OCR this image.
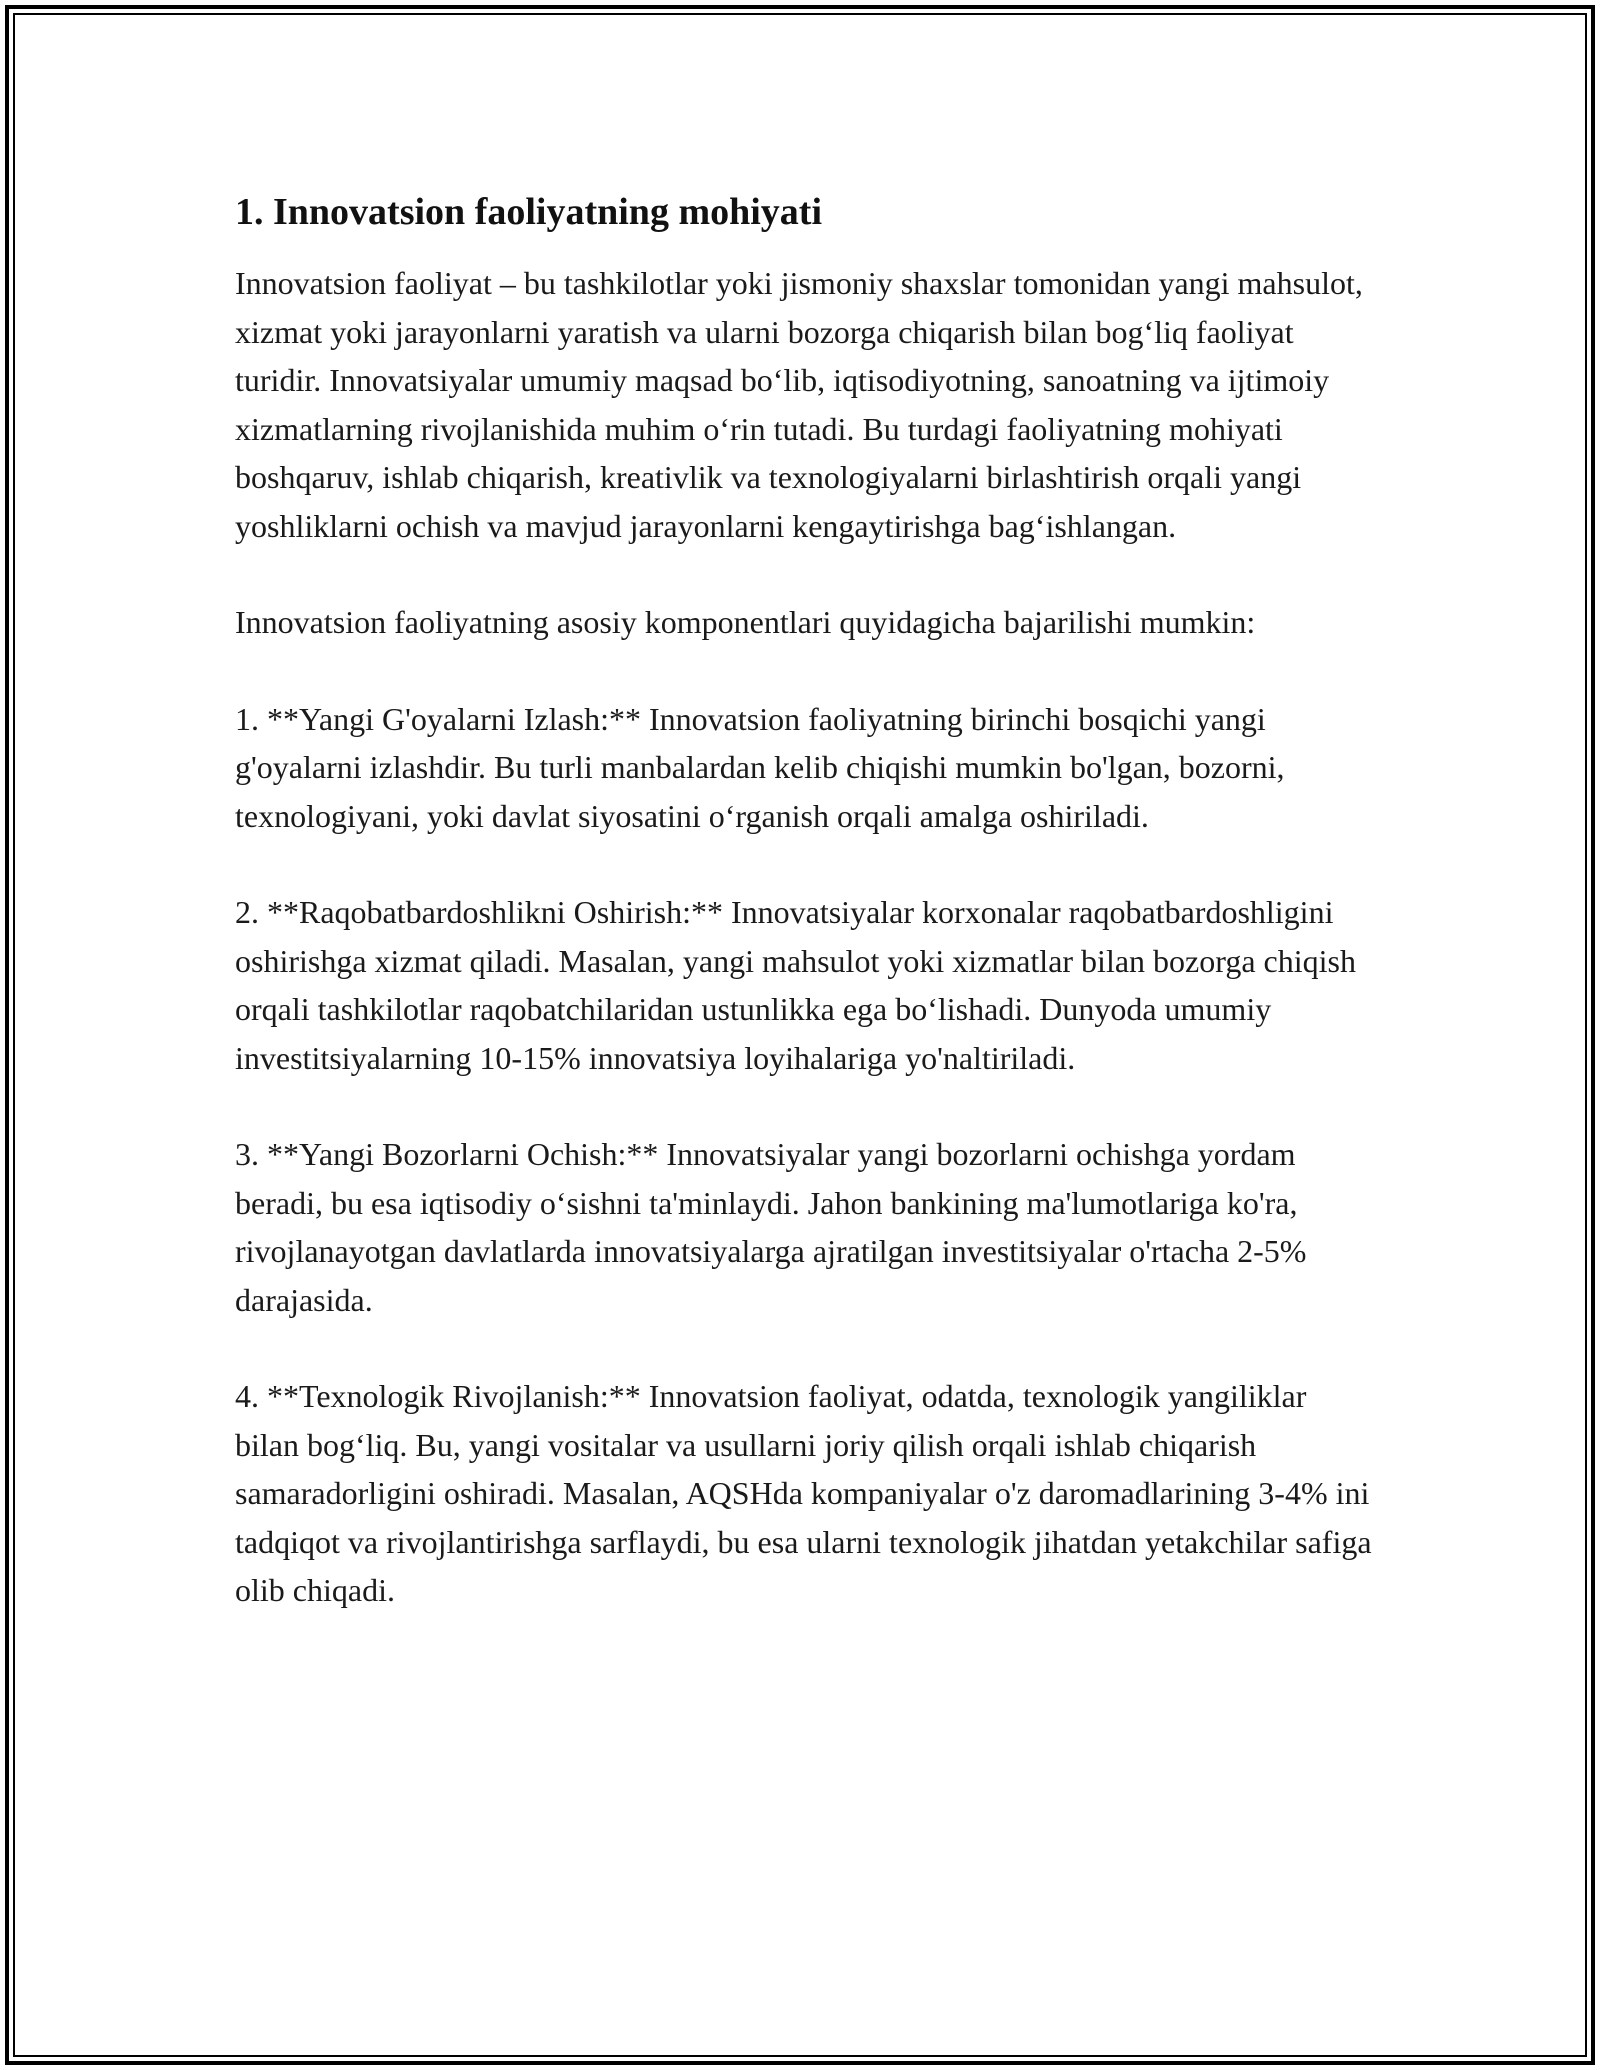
1. Innovatsion faoliyatning mohiyati

Innovatsion faoliyat – bu tashkilotlar yoki jismoniy shaxslar tomonidan yangi mahsulot, xizmat yoki jarayonlarni yaratish va ularni bozorga chiqarish bilan bog‘liq faoliyat turidir. Innovatsiyalar umumiy maqsad bo‘lib, iqtisodiyotning, sanoatning va ijtimoiy xizmatlarning rivojlanishida muhim o‘rin tutadi. Bu turdagi faoliyatning mohiyati boshqaruv, ishlab chiqarish, kreativlik va texnologiyalarni birlashtirish orqali yangi yoshliklarni ochish va mavjud jarayonlarni kengaytirishga bag‘ishlangan.

Innovatsion faoliyatning asosiy komponentlari quyidagicha bajarilishi mumkin:

1. **Yangi G'oyalarni Izlash:** Innovatsion faoliyatning birinchi bosqichi yangi g'oyalarni izlashdir. Bu turli manbalardan kelib chiqishi mumkin bo'lgan, bozorni, texnologiyani, yoki davlat siyosatini o‘rganish orqali amalga oshiriladi.

2. **Raqobatbardoshlikni Oshirish:** Innovatsiyalar korxonalar raqobatbardoshligini oshirishga xizmat qiladi. Masalan, yangi mahsulot yoki xizmatlar bilan bozorga chiqish orqali tashkilotlar raqobatchilaridan ustunlikka ega bo‘lishadi. Dunyoda umumiy investitsiyalarning 10-15% innovatsiya loyihalariga yo'naltiriladi.

3. **Yangi Bozorlarni Ochish:** Innovatsiyalar yangi bozorlarni ochishga yordam beradi, bu esa iqtisodiy o‘sishni ta'minlaydi. Jahon bankining ma'lumotlariga ko'ra, rivojlanayotgan davlatlarda innovatsiyalarga ajratilgan investitsiyalar o'rtacha 2-5% darajasida.

4. **Texnologik Rivojlanish:** Innovatsion faoliyat, odatda, texnologik yangiliklar bilan bog‘liq. Bu, yangi vositalar va usullarni joriy qilish orqali ishlab chiqarish samaradorligini oshiradi. Masalan, AQSHda kompaniyalar o'z daromadlarining 3-4% ini tadqiqot va rivojlantirishga sarflaydi, bu esa ularni texnologik jihatdan yetakchilar safiga olib chiqadi.
